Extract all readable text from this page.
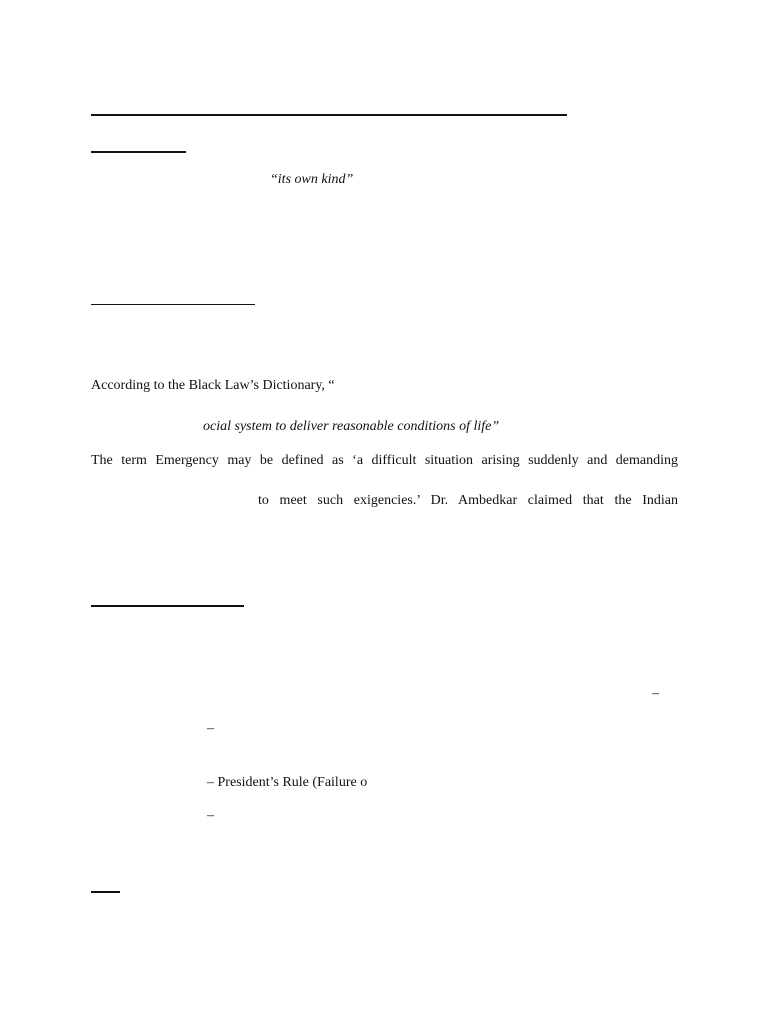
“its own kind”
According to the Black Law’s Dictionary, “
ocial system to deliver reasonable conditions of life”
The term Emergency may be defined as ‘a difficult situation arising suddenly and demanding
to meet such exigencies.’ Dr. Ambedkar claimed that the Indian
–
–
– President’s Rule (Failure o
–
